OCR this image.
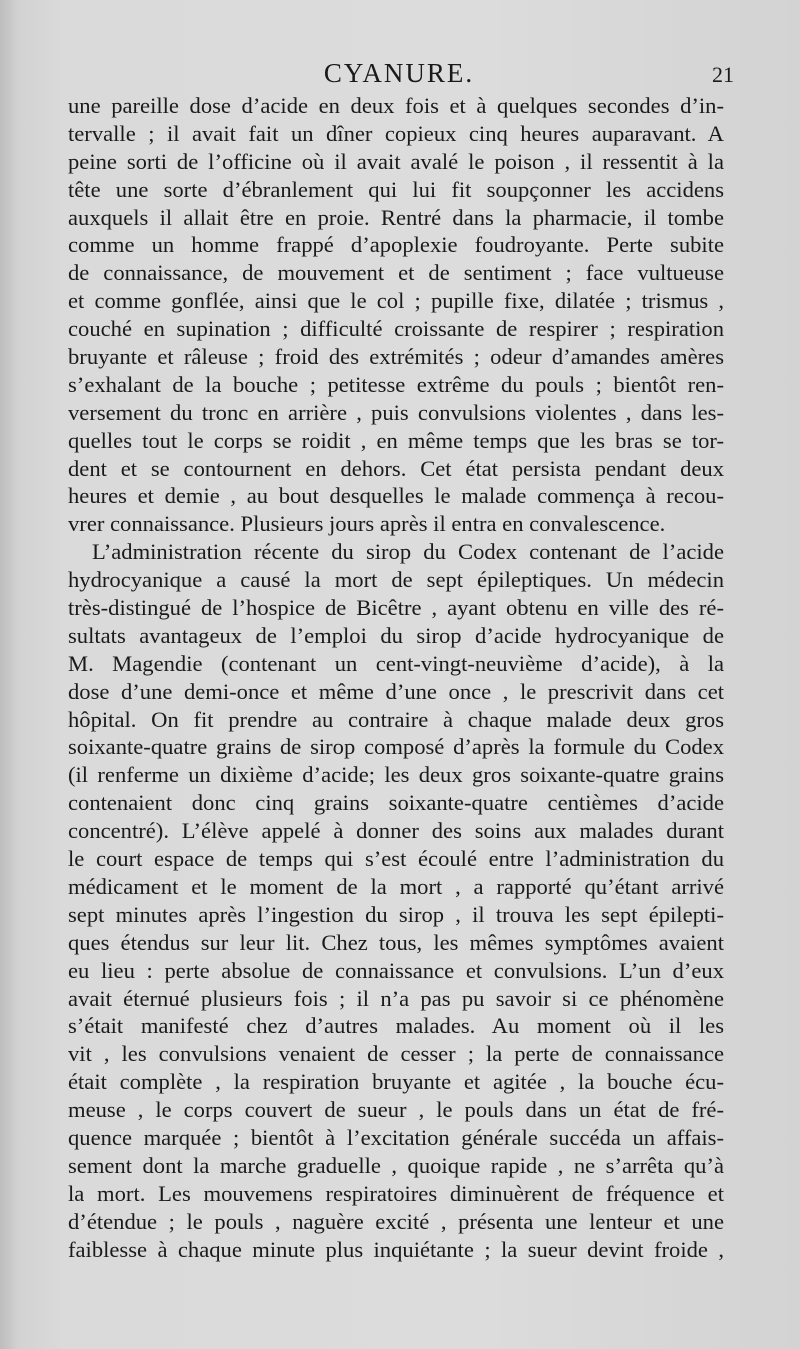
CYANURE.	21
une pareille dose d’acide en deux fois et à quelques secondes d’in-
tervalle ; il avait fait un dîner copieux cinq heures auparavant. A
peine sorti de l’officine où il avait avalé le poison , il ressentit à la
tête une sorte d’ébranlement qui lui fit soupçonner les accidens
auxquels il allait être en proie. Rentré dans la pharmacie, il tombe
comme un homme frappé d’apoplexie foudroyante. Perte subite
de connaissance, de mouvement et de sentiment ; face vultueuse
et comme gonflée, ainsi que le col ; pupille fixe, dilatée ; trismus ,
couché en supination ; difficulté croissante de respirer ; respiration
bruyante et râleuse ; froid des extrémités ; odeur d’amandes amères
s’exhalant de la bouche ; petitesse extrême du pouls ; bientôt ren-
versement du tronc en arrière , puis convulsions violentes , dans les-
quelles tout le corps se roidit , en même temps que les bras se tor-
dent et se contournent en dehors. Cet état persista pendant deux
heures et demie , au bout desquelles le malade commença à recou-
vrer connaissance. Plusieurs jours après il entra en convalescence.
L’administration récente du sirop du Codex contenant de l’acide
hydrocyanique a causé la mort de sept épileptiques. Un médecin
très-distingué de l’hospice de Bicêtre , ayant obtenu en ville des ré-
sultats avantageux de l’emploi du sirop d’acide hydrocyanique de
M. Magendie (contenant un cent-vingt-neuvième d’acide), à la
dose d’une demi-once et même d’une once , le prescrivit dans cet
hôpital. On fit prendre au contraire à chaque malade deux gros
soixante-quatre grains de sirop composé d’après la formule du Codex
(il renferme un dixième d’acide; les deux gros soixante-quatre grains
contenaient donc cinq grains soixante-quatre centièmes d’acide
concentré). L’élève appelé à donner des soins aux malades durant
le court espace de temps qui s’est écoulé entre l’administration du
médicament et le moment de la mort , a rapporté qu’étant arrivé
sept minutes après l’ingestion du sirop , il trouva les sept épilepti-
ques étendus sur leur lit. Chez tous, les mêmes symptômes avaient
eu lieu : perte absolue de connaissance et convulsions. L’un d’eux
avait éternué plusieurs fois ; il n’a pas pu savoir si ce phénomène
s’était manifesté chez d’autres malades. Au moment où il les
vit , les convulsions venaient de cesser ; la perte de connaissance
était complète , la respiration bruyante et agitée , la bouche écu-
meuse , le corps couvert de sueur , le pouls dans un état de fré-
quence marquée ; bientôt à l’excitation générale succéda un affais-
sement dont la marche graduelle , quoique rapide , ne s’arrêta qu’à
la mort. Les mouvemens respiratoires diminuèrent de fréquence et
d’étendue ; le pouls , naguère excité , présenta une lenteur et une
faiblesse à chaque minute plus inquiétante ; la sueur devint froide ,
